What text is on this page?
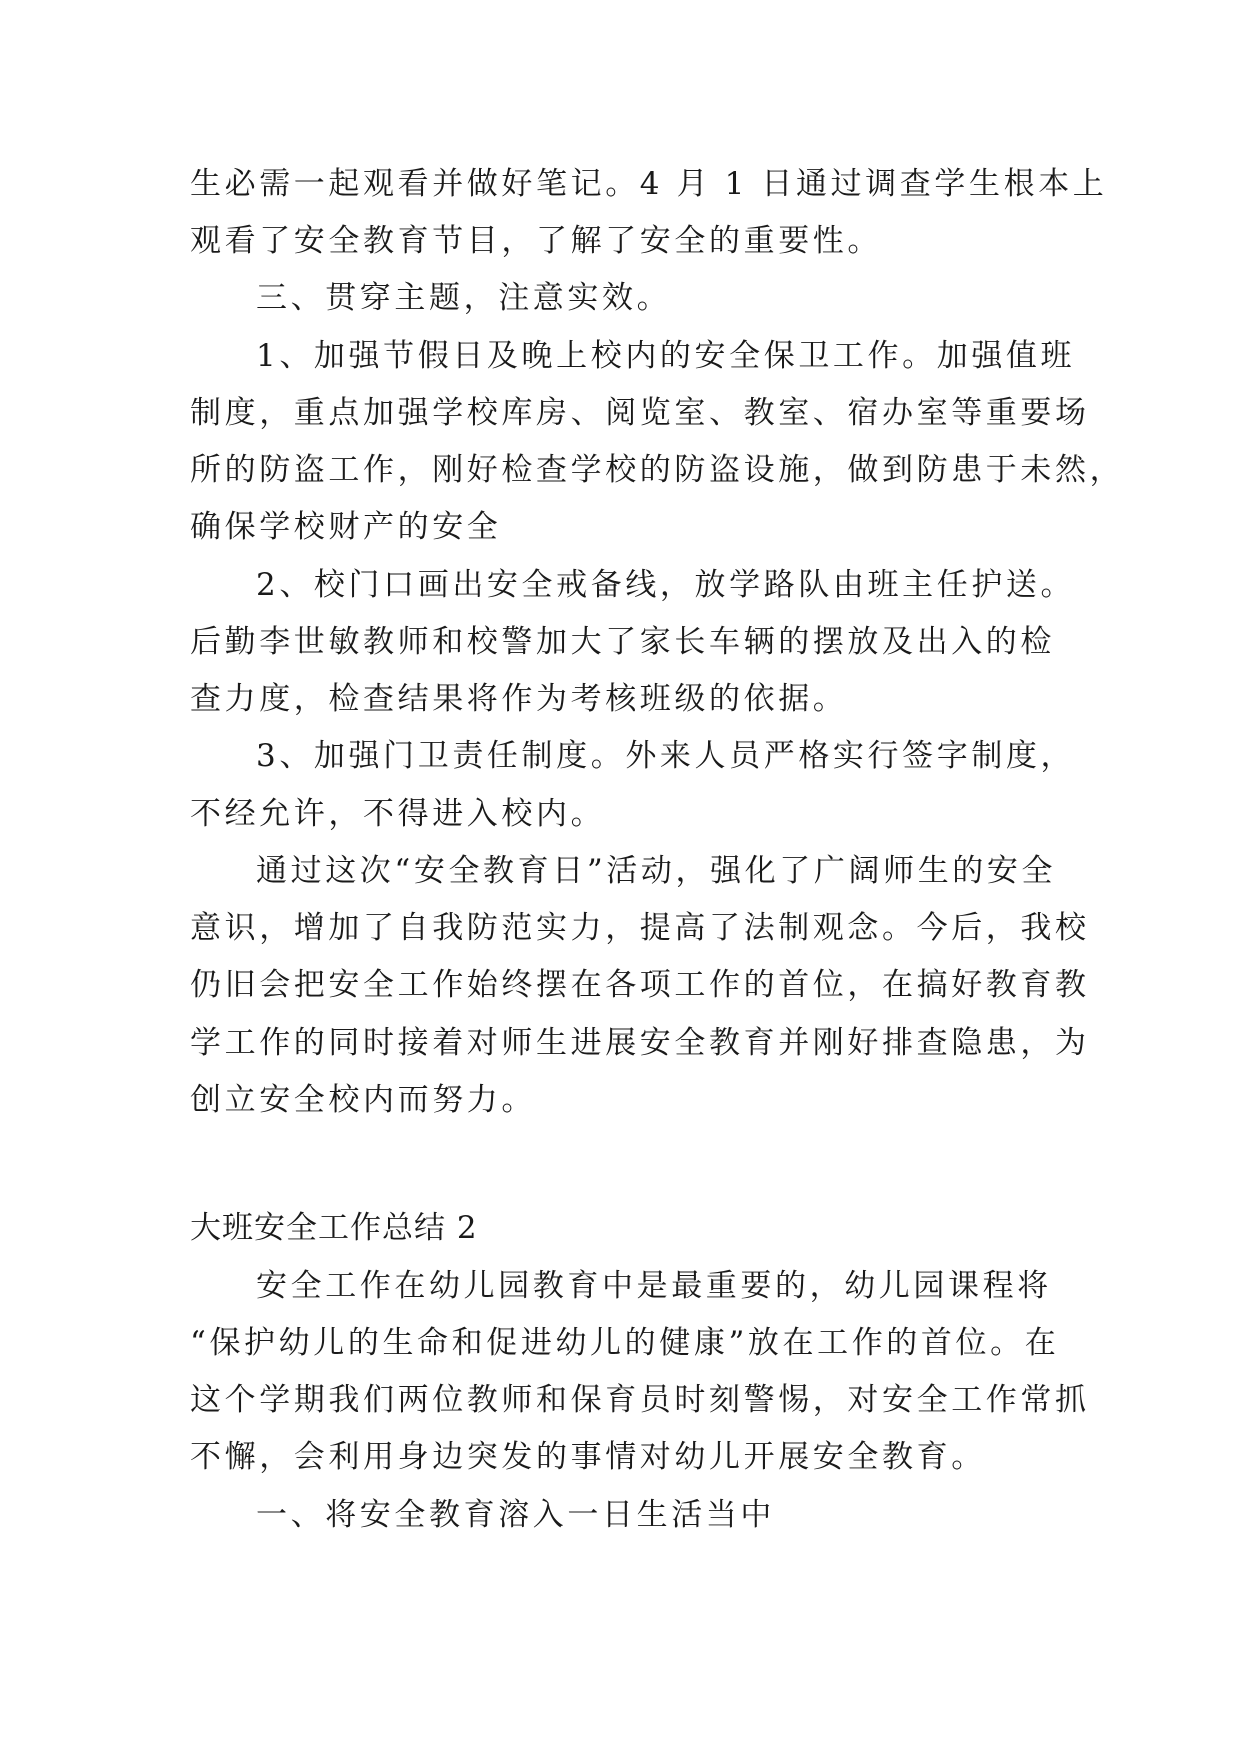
生必需一起观看并做好笔记。4 月 1 日通过调查学生根本上
观看了安全教育节目，了解了安全的重要性。
三、贯穿主题，注意实效。
1、加强节假日及晚上校内的安全保卫工作。加强值班
制度，重点加强学校库房、阅览室、教室、宿办室等重要场
所的防盗工作，刚好检查学校的防盗设施，做到防患于未然，
确保学校财产的安全
2、校门口画出安全戒备线，放学路队由班主任护送。
后勤李世敏教师和校警加大了家长车辆的摆放及出入的检
查力度，检查结果将作为考核班级的依据。
3、加强门卫责任制度。外来人员严格实行签字制度，
不经允许，不得进入校内。
通过这次“安全教育日”活动，强化了广阔师生的安全
意识，增加了自我防范实力，提高了法制观念。今后，我校
仍旧会把安全工作始终摆在各项工作的首位，在搞好教育教
学工作的同时接着对师生进展安全教育并刚好排查隐患，为
创立安全校内而努力。
大班安全工作总结 2
安全工作在幼儿园教育中是最重要的，幼儿园课程将
“保护幼儿的生命和促进幼儿的健康”放在工作的首位。在
这个学期我们两位教师和保育员时刻警惕，对安全工作常抓
不懈，会利用身边突发的事情对幼儿开展安全教育。
一、将安全教育溶入一日生活当中
